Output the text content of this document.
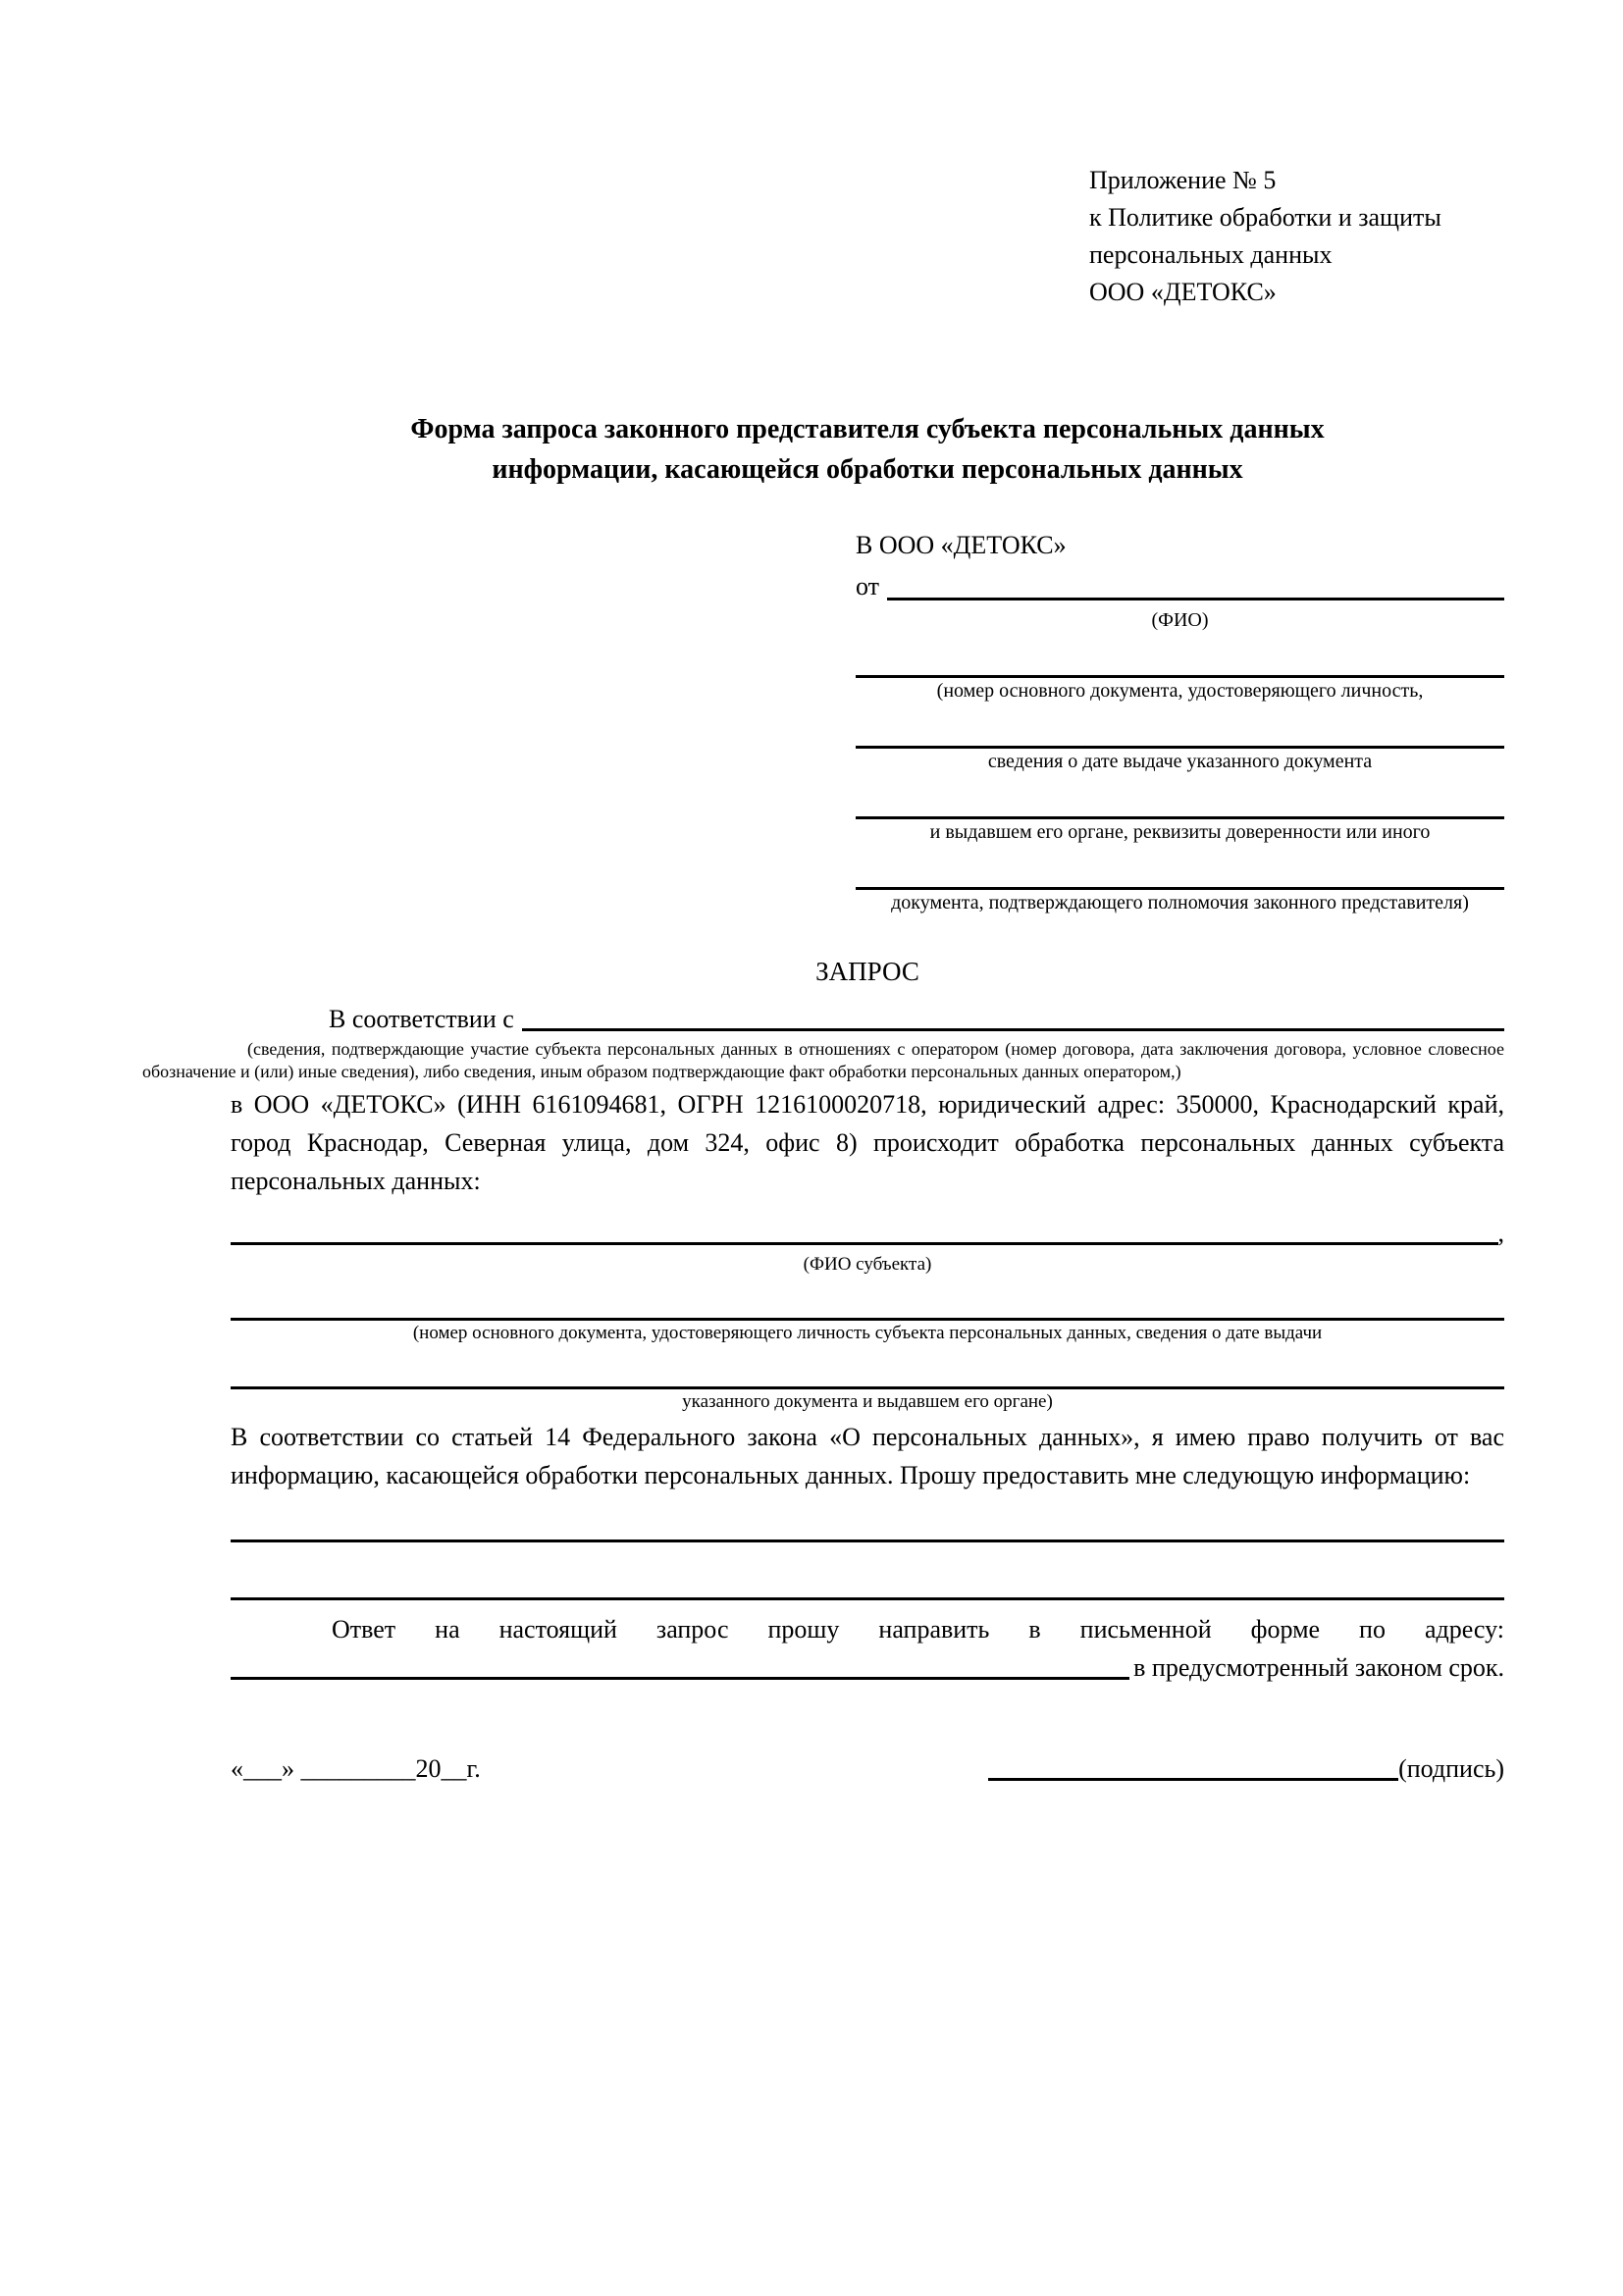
Приложение № 5
к Политике обработки и защиты
персональных данных
ООО «ДЕТОКС»
Форма запроса законного представителя субъекта персональных данных
информации, касающейся обработки персональных данных
В ООО «ДЕТОКС»
от
(ФИО)
(номер основного документа, удостоверяющего личность,
сведения о дате выдаче указанного документа
и выдавшем его органе, реквизиты доверенности или иного
документа, подтверждающего полномочия законного представителя)
ЗАПРОС
В соответствии с
(сведения, подтверждающие участие субъекта персональных данных в отношениях с оператором (номер договора, дата заключения договора, условное словесное обозначение и (или) иные сведения), либо сведения, иным образом подтверждающие факт обработки персональных данных оператором,)
в ООО «ДЕТОКС» (ИНН 6161094681, ОГРН 1216100020718, юридический адрес: 350000, Краснодарский край, город Краснодар, Северная улица, дом 324, офис 8) происходит обработка персональных данных субъекта персональных данных:
,
(ФИО субъекта)
(номер основного документа, удостоверяющего личность субъекта персональных данных, сведения о дате выдачи
указанного документа и выдавшем его органе)
В соответствии со статьей 14 Федерального закона «О персональных данных», я имею право получить от вас информацию, касающейся обработки персональных данных. Прошу предоставить мне следующую информацию:
Ответ на настоящий запрос прошу направить в письменной форме по адресу:
в предусмотренный законом срок.
«___» _________20__г.	(подпись)
